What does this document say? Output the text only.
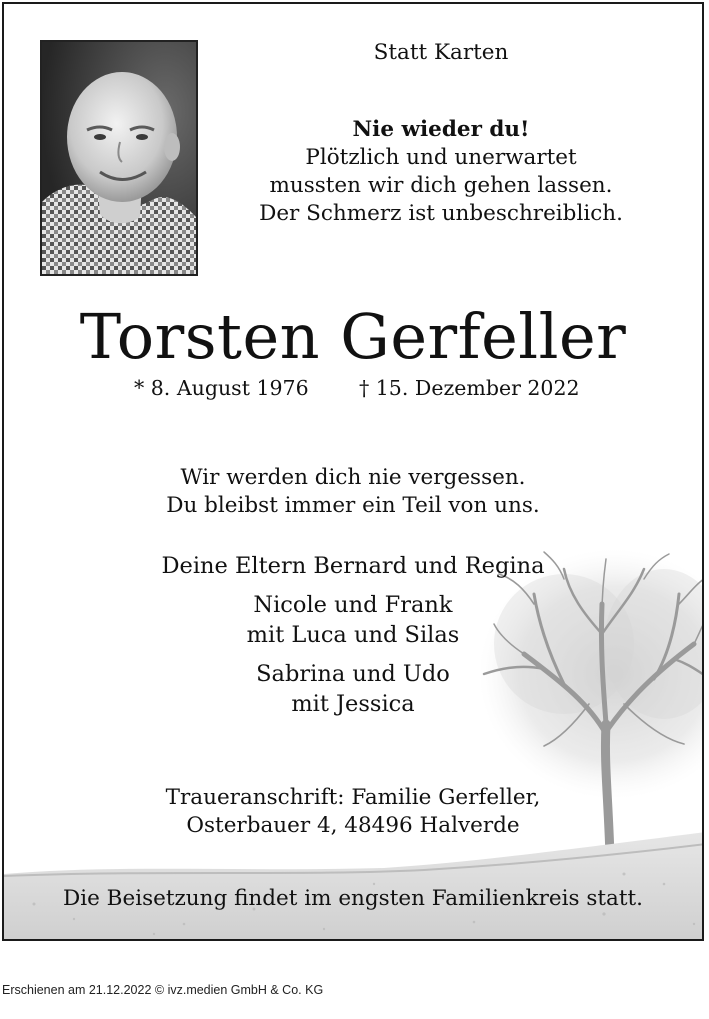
Statt Karten
Nie wieder du!
Plötzlich und unerwartet
mussten wir dich gehen lassen.
Der Schmerz ist unbeschreiblich.
Torsten Gerfeller
* 8. August 1976 † 15. Dezember 2022
Wir werden dich nie vergessen.
Du bleibst immer ein Teil von uns.
Deine Eltern Bernard und Regina
Nicole und Frank
mit Luca und Silas
Sabrina und Udo
mit Jessica
Traueranschrift: Familie Gerfeller,
Osterbauer 4, 48496 Halverde
Die Beisetzung findet im engsten Familienkreis statt.
Erschienen am 21.12.2022 © ivz.medien GmbH & Co. KG
